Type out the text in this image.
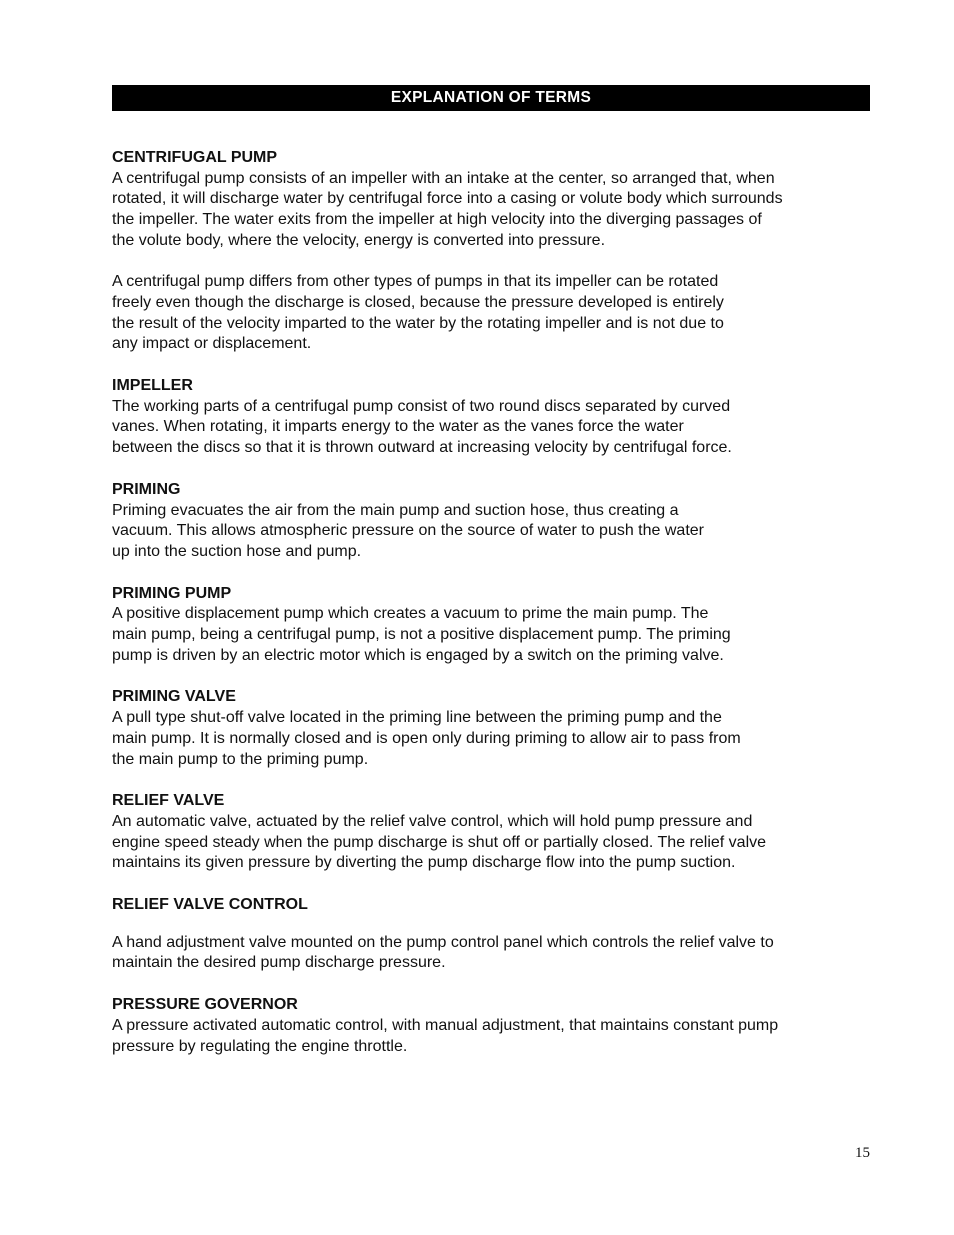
EXPLANATION OF TERMS
CENTRIFUGAL PUMP
A centrifugal pump consists of an impeller with an intake at the center, so arranged that, when
rotated, it will discharge water by centrifugal force into a casing or volute body which surrounds
the impeller. The water exits from the impeller at high velocity into the diverging passages of
the volute body, where the velocity, energy is converted into pressure.
A centrifugal pump differs from other types of pumps in that its impeller can be rotated
freely even though the discharge is closed, because the pressure developed is entirely
the result of the velocity imparted to the water by the rotating impeller and is not due to
any impact or displacement.
IMPELLER
The working parts of a centrifugal pump consist of two round discs separated by curved
vanes. When rotating, it imparts energy to the water as the vanes force the water
between the discs so that it is thrown outward at increasing velocity by centrifugal force.
PRIMING
Priming evacuates the air from the main pump and suction hose, thus creating a
vacuum. This allows atmospheric pressure on the source of water to push the water
up into the suction hose and pump.
PRIMING PUMP
A positive displacement pump which creates a vacuum to prime the main pump. The
main pump, being a centrifugal pump, is not a positive displacement pump. The priming
pump is driven by an electric motor which is engaged by a switch on the priming valve.
PRIMING VALVE
A pull type shut-off valve located in the priming line between the priming pump and the
main pump. It is normally closed and is open only during priming to allow air to pass from
the main pump to the priming pump.
RELIEF VALVE
An automatic valve, actuated by the relief valve control, which will hold pump pressure and
engine speed steady when the pump discharge is shut off or partially closed. The relief valve
maintains its given pressure by diverting the pump discharge flow into the pump suction.
RELIEF VALVE CONTROL
A hand adjustment valve mounted on the pump control panel which controls the relief valve to
maintain the desired pump discharge pressure.
PRESSURE GOVERNOR
A pressure activated automatic control, with manual adjustment, that maintains constant pump
pressure by regulating the engine throttle.
15
